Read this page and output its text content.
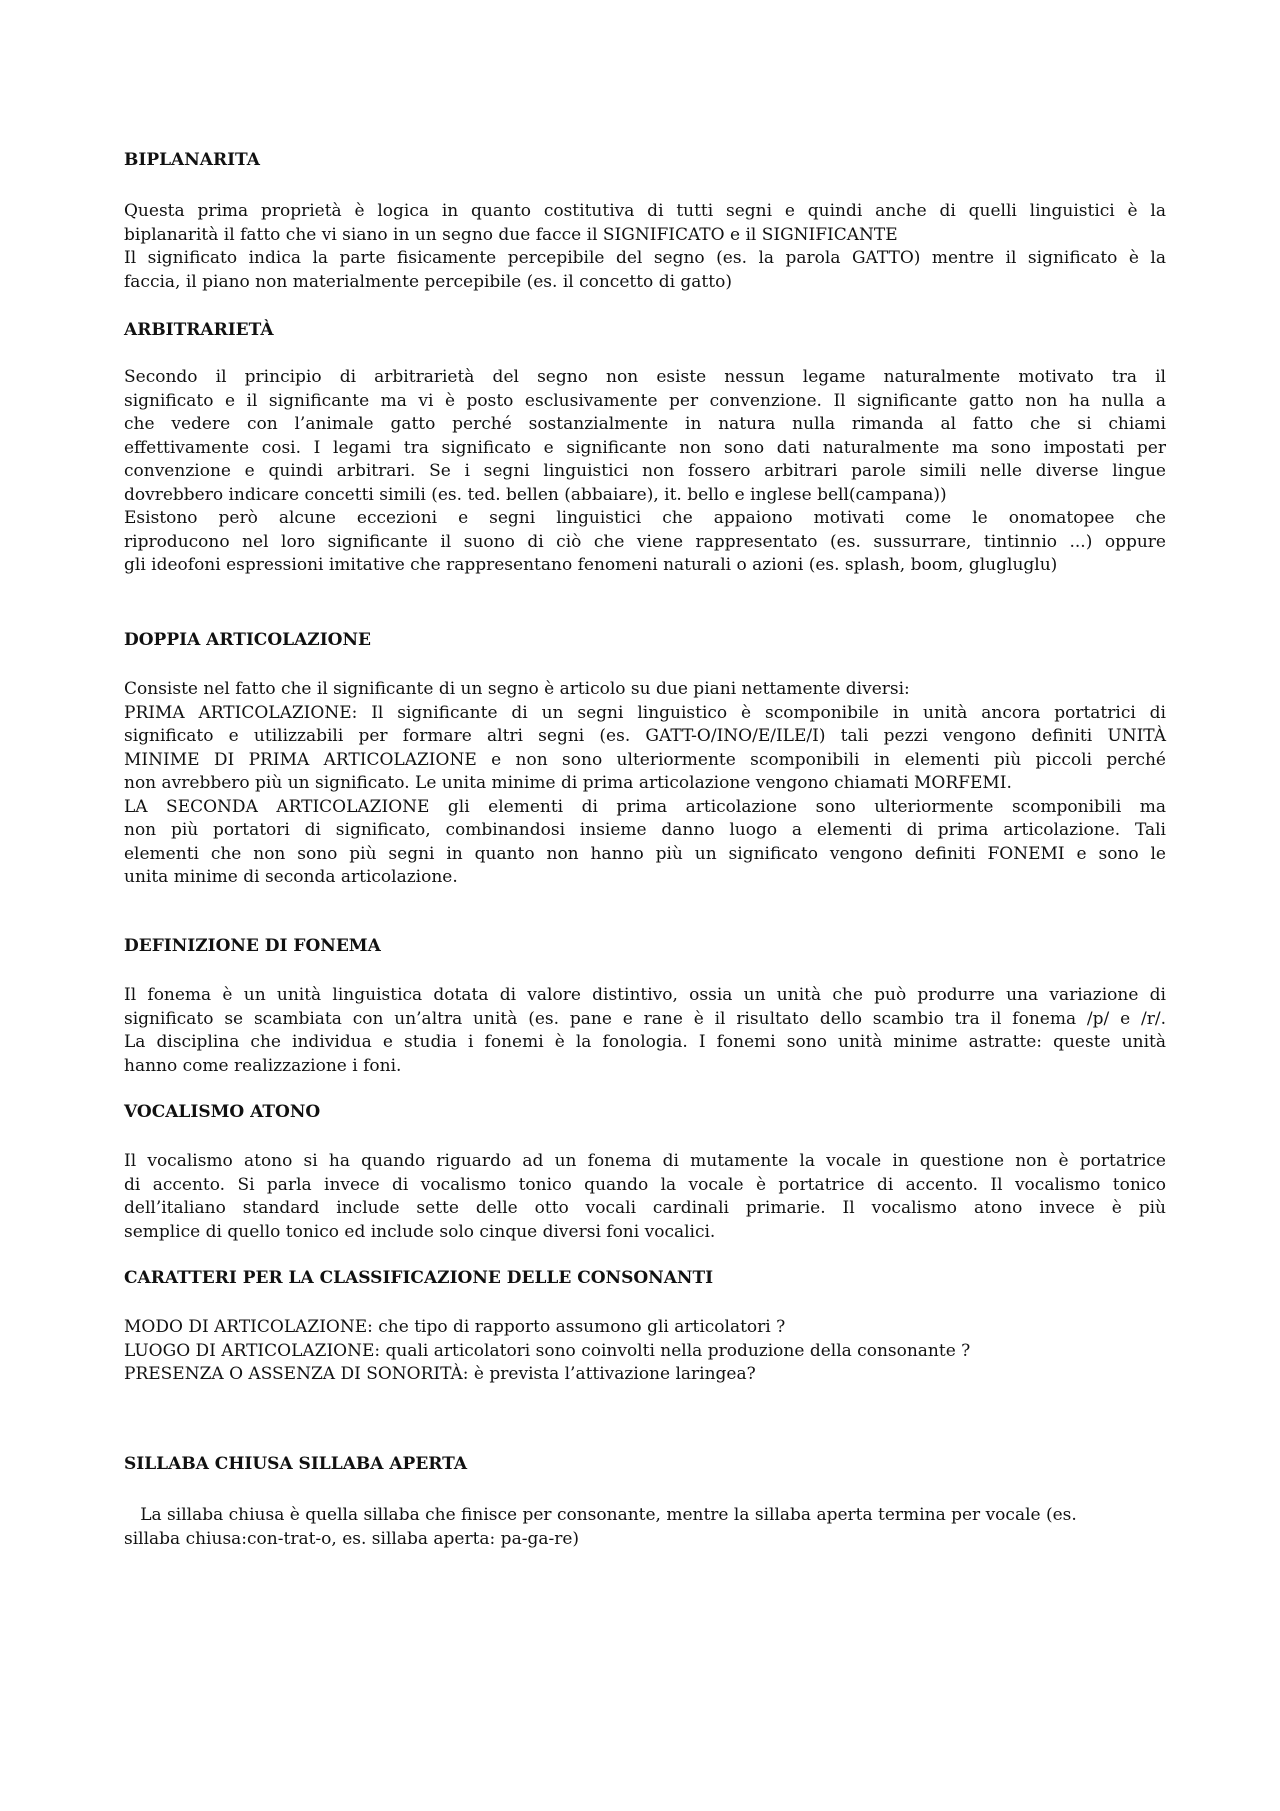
BIPLANARITA
Questa prima proprietà è logica in quanto costitutiva di tutti segni e quindi anche di quelli linguistici è la
biplanarità il fatto che vi siano in un segno due facce il SIGNIFICATO e il SIGNIFICANTE
Il significato indica la parte fisicamente percepibile del segno (es. la parola GATTO) mentre il significato è la
faccia, il piano non materialmente percepibile (es. il concetto di gatto)
ARBITRARIETÀ
Secondo il principio di arbitrarietà del segno non esiste nessun legame naturalmente motivato tra il
significato e il significante ma vi è posto esclusivamente per convenzione. Il significante gatto non ha nulla a
che vedere con l’animale gatto perché sostanzialmente in natura nulla rimanda al fatto che si chiami
effettivamente cosi. I legami tra significato e significante non sono dati naturalmente ma sono impostati per
convenzione e quindi arbitrari. Se i segni linguistici non fossero arbitrari parole simili nelle diverse lingue
dovrebbero indicare concetti simili (es. ted. bellen (abbaiare), it. bello e inglese bell(campana))
Esistono però alcune eccezioni e segni linguistici che appaiono motivati come le onomatopee che
riproducono nel loro significante il suono di ciò che viene rappresentato (es. sussurrare, tintinnio ...) oppure
gli ideofoni espressioni imitative che rappresentano fenomeni naturali o azioni (es. splash, boom, glugluglu)
DOPPIA ARTICOLAZIONE
Consiste nel fatto che il significante di un segno è articolo su due piani nettamente diversi:
PRIMA ARTICOLAZIONE: Il significante di un segni linguistico è scomponibile in unità ancora portatrici di
significato e utilizzabili per formare altri segni (es. GATT-O/INO/E/ILE/I) tali pezzi vengono definiti UNITÀ
MINIME DI PRIMA ARTICOLAZIONE e non sono ulteriormente scomponibili in elementi più piccoli perché
non avrebbero più un significato. Le unita minime di prima articolazione vengono chiamati MORFEMI.
LA SECONDA ARTICOLAZIONE gli elementi di prima articolazione sono ulteriormente scomponibili ma
non più portatori di significato, combinandosi insieme danno luogo a elementi di prima articolazione. Tali
elementi che non sono più segni in quanto non hanno più un significato vengono definiti FONEMI e sono le
unita minime di seconda articolazione.
DEFINIZIONE DI FONEMA
Il fonema è un unità linguistica dotata di valore distintivo, ossia un unità che può produrre una variazione di
significato se scambiata con un’altra unità (es. pane e rane è il risultato dello scambio tra il fonema /p/ e /r/.
La disciplina che individua e studia i fonemi è la fonologia. I fonemi sono unità minime astratte: queste unità
hanno come realizzazione i foni.
VOCALISMO ATONO
Il vocalismo atono si ha quando riguardo ad un fonema di mutamente la vocale in questione non è portatrice
di accento. Si parla invece di vocalismo tonico quando la vocale è portatrice di accento. Il vocalismo tonico
dell’italiano standard include sette delle otto vocali cardinali primarie. Il vocalismo atono invece è più
semplice di quello tonico ed include solo cinque diversi foni vocalici.
CARATTERI PER LA CLASSIFICAZIONE DELLE CONSONANTI
MODO DI ARTICOLAZIONE: che tipo di rapporto assumono gli articolatori ?
LUOGO DI ARTICOLAZIONE: quali articolatori sono coinvolti nella produzione della consonante ?
PRESENZA O ASSENZA DI SONORITÀ: è prevista l’attivazione laringea?
SILLABA CHIUSA SILLABA APERTA
La sillaba chiusa è quella sillaba che finisce per consonante, mentre la sillaba aperta termina per vocale (es.
sillaba chiusa:con-trat-o, es. sillaba aperta: pa-ga-re)
